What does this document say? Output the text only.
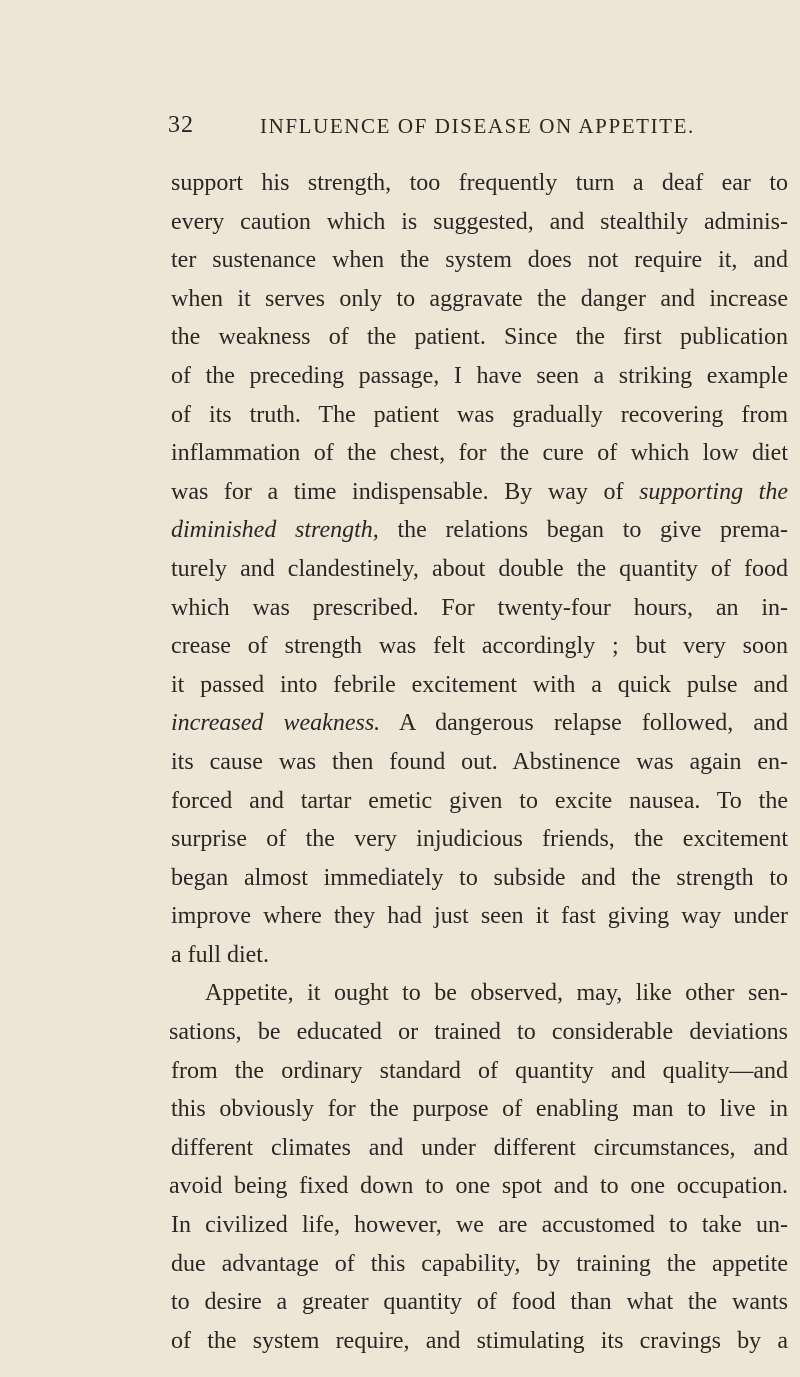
32	INFLUENCE OF DISEASE ON APPETITE.
support his strength, too frequently turn a deaf ear to
every caution which is suggested, and stealthily adminis-
ter sustenance when the system does not require it, and
when it serves only to aggravate the danger and increase
the weakness of the patient. Since the first publication
of the preceding passage, I have seen a striking example
of its truth. The patient was gradually recovering from
inflammation of the chest, for the cure of which low diet
was for a time indispensable. By way of supporting the
diminished strength, the relations began to give prema-
turely and clandestinely, about double the quantity of food
which was prescribed. For twenty-four hours, an in-
crease of strength was felt accordingly ; but very soon
it passed into febrile excitement with a quick pulse and
increased weakness. A dangerous relapse followed, and
its cause was then found out. Abstinence was again en-
forced and tartar emetic given to excite nausea. To the
surprise of the very injudicious friends, the excitement
began almost immediately to subside and the strength to
improve where they had just seen it fast giving way under
a full diet.
Appetite, it ought to be observed, may, like other sen-
sations, be educated or trained to considerable deviations
from the ordinary standard of quantity and quality—and
this obviously for the purpose of enabling man to live in
different climates and under different circumstances, and
avoid being fixed down to one spot and to one occupation.
In civilized life, however, we are accustomed to take un-
due advantage of this capability, by training the appetite
to desire a greater quantity of food than what the wants
of the system require, and stimulating its cravings by a
